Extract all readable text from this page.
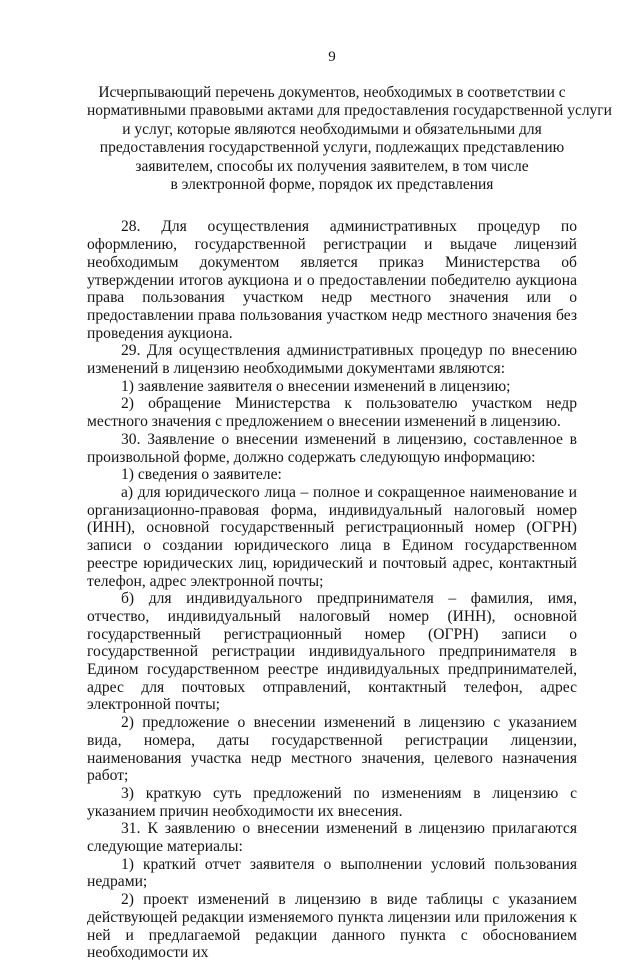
9
Исчерпывающий перечень документов, необходимых в соответствии с
нормативными правовыми актами для предоставления государственной услуги
и услуг, которые являются необходимыми и обязательными для
предоставления государственной услуги, подлежащих представлению
заявителем, способы их получения заявителем, в том числе
в электронной форме, порядок их представления

28. Для осуществления административных процедур по оформлению, государственной регистрации и выдаче лицензий необходимым документом является приказ Министерства об утверждении итогов аукциона и о предоставлении победителю аукциона права пользования участком недр местного значения или о предоставлении права пользования участком недр местного значения без проведения аукциона.

29. Для осуществления административных процедур по внесению изменений в лицензию необходимыми документами являются:

1) заявление заявителя о внесении изменений в лицензию;

2) обращение Министерства к пользователю участком недр местного значения с предложением о внесении изменений в лицензию.

30. Заявление о внесении изменений в лицензию, составленное в произвольной форме, должно содержать следующую информацию:

1) сведения о заявителе:

а) для юридического лица – полное и сокращенное наименование и организационно-правовая форма, индивидуальный налоговый номер (ИНН), основной государственный регистрационный номер (ОГРН) записи о создании юридического лица в Едином государственном реестре юридических лиц, юридический и почтовый адрес, контактный телефон, адрес электронной почты;

б) для индивидуального предпринимателя – фамилия, имя, отчество, индивидуальный налоговый номер (ИНН), основной государственный регистрационный номер (ОГРН) записи о государственной регистрации индивидуального предпринимателя в Едином государственном реестре индивидуальных предпринимателей, адрес для почтовых отправлений, контактный телефон, адрес электронной почты;

2) предложение о внесении изменений в лицензию с указанием вида, номера, даты государственной регистрации лицензии, наименования участка недр местного значения, целевого назначения работ;

3) краткую суть предложений по изменениям в лицензию с указанием причин необходимости их внесения.

31. К заявлению о внесении изменений в лицензию прилагаются следующие материалы:

1) краткий отчет заявителя о выполнении условий пользования недрами;

2) проект изменений в лицензию в виде таблицы с указанием действующей редакции изменяемого пункта лицензии или приложения к ней и предлагаемой редакции данного пункта с обоснованием необходимости их
